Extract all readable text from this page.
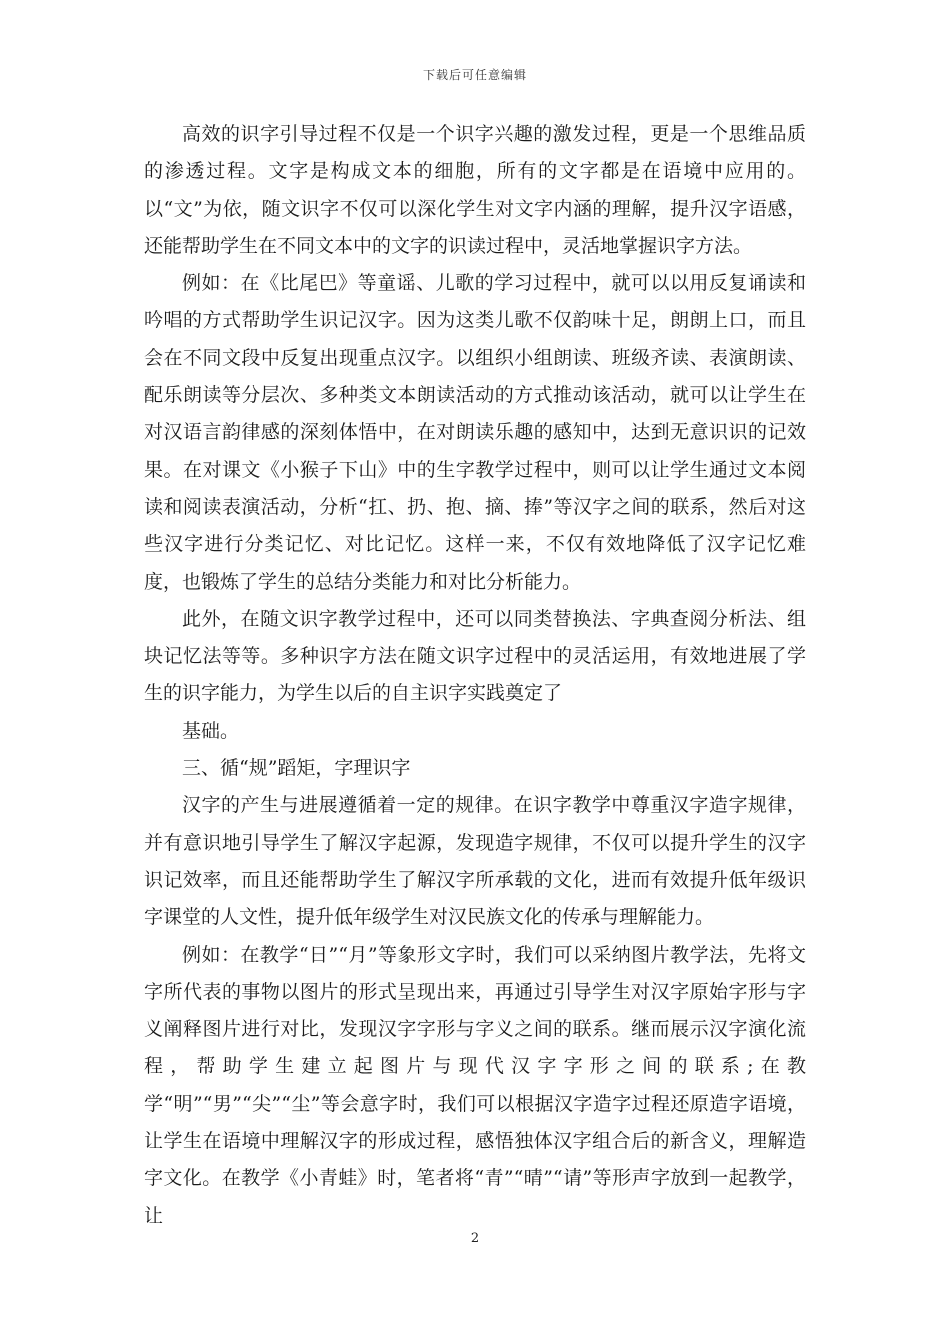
下载后可任意编辑

高效的识字引导过程不仅是一个识字兴趣的激发过程，更是一个思维品质的渗透过程。文字是构成文本的细胞，所有的文字都是在语境中应用的。以“文”为依，随文识字不仅可以深化学生对文字内涵的理解，提升汉字语感，还能帮助学生在不同文本中的文字的识读过程中，灵活地掌握识字方法。

例如：在《比尾巴》等童谣、儿歌的学习过程中，就可以以用反复诵读和吟唱的方式帮助学生识记汉字。因为这类儿歌不仅韵味十足，朗朗上口，而且会在不同文段中反复出现重点汉字。以组织小组朗读、班级齐读、表演朗读、配乐朗读等分层次、多种类文本朗读活动的方式推动该活动，就可以让学生在对汉语言韵律感的深刻体悟中，在对朗读乐趣的感知中，达到无意识识的记效果。在对课文《小猴子下山》中的生字教学过程中，则可以让学生通过文本阅读和阅读表演活动，分析“扛、扔、抱、摘、捧”等汉字之间的联系，然后对这些汉字进行分类记忆、对比记忆。这样一来，不仅有效地降低了汉字记忆难度，也锻炼了学生的总结分类能力和对比分析能力。

此外，在随文识字教学过程中，还可以同类替换法、字典查阅分析法、组块记忆法等等。多种识字方法在随文识字过程中的灵活运用，有效地进展了学生的识字能力，为学生以后的自主识字实践奠定了

基础。

三、循“规”蹈矩，字理识字

汉字的产生与进展遵循着一定的规律。在识字教学中尊重汉字造字规律，并有意识地引导学生了解汉字起源，发现造字规律，不仅可以提升学生的汉字识记效率，而且还能帮助学生了解汉字所承载的文化，进而有效提升低年级识字课堂的人文性，提升低年级学生对汉民族文化的传承与理解能力。

例如：在教学“日”“月”等象形文字时，我们可以采纳图片教学法，先将文字所代表的事物以图片的形式呈现出来，再通过引导学生对汉字原始字形与字义阐释图片进行对比，发现汉字字形与字义之间的联系。继而展示汉字演化流程，帮助学生建立起图片与现代汉字字形之间的联系;在教学“明”“男”“尖”“尘”等会意字时，我们可以根据汉字造字过程还原造字语境，让学生在语境中理解汉字的形成过程，感悟独体汉字组合后的新含义，理解造字文化。在教学《小青蛙》时，笔者将“青”“晴”“请”等形声字放到一起教学，让

2
